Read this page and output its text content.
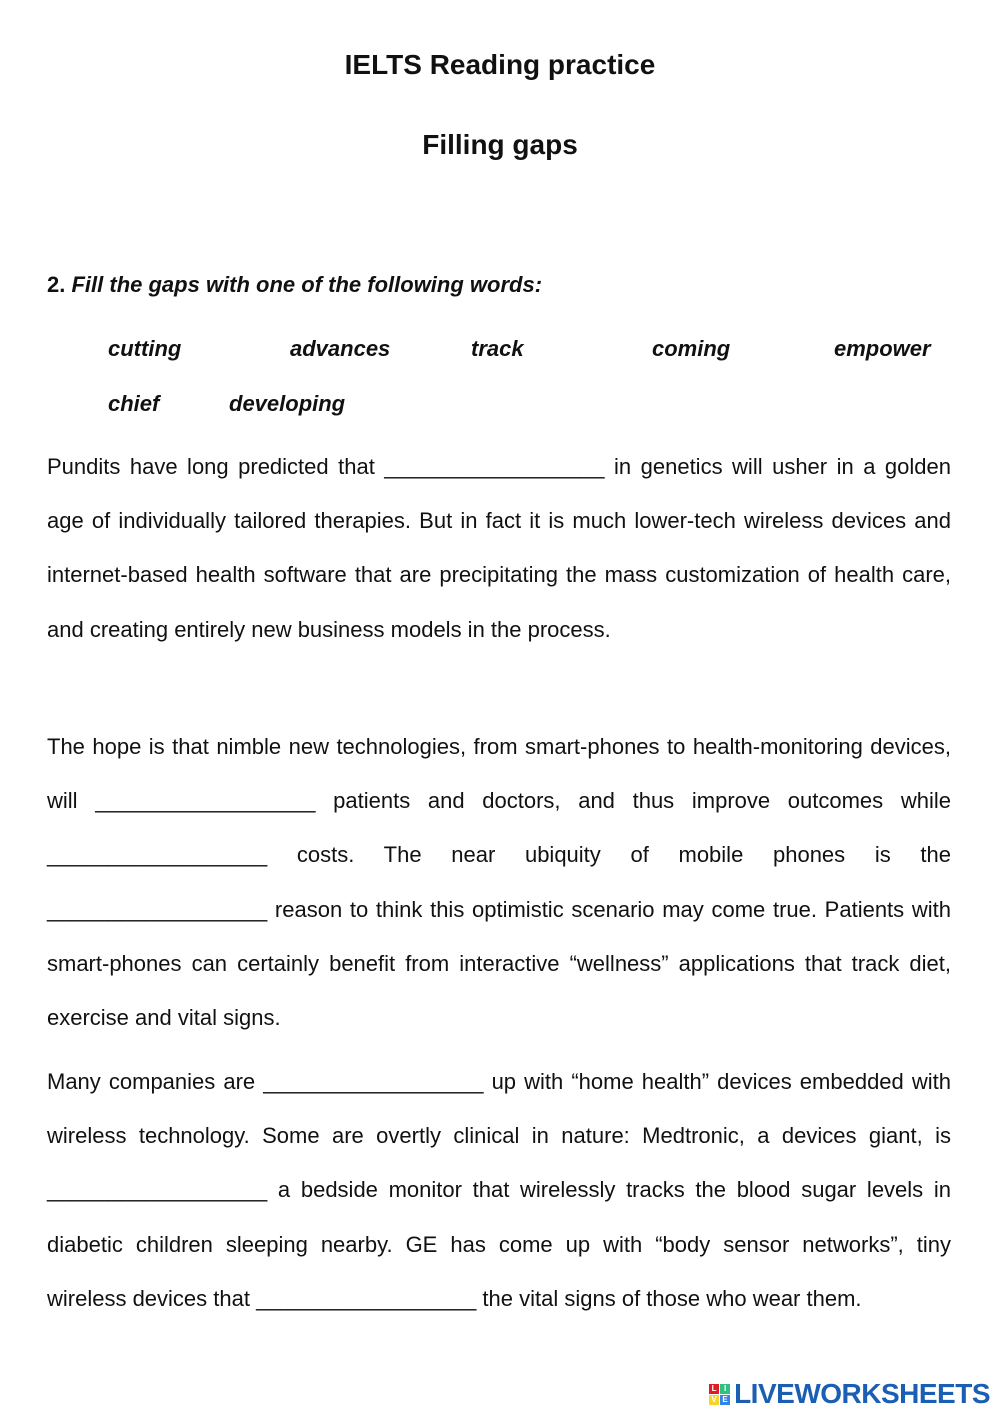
IELTS Reading practice
Filling gaps

2. Fill the gaps with one of the following words:

cutting	advances	track	coming	empower
chief	developing

Pundits have long predicted that __________________ in genetics will usher in a golden age of individually tailored therapies. But in fact it is much lower-tech wireless devices and internet-based health software that are precipitating the mass customization of health care, and creating entirely new business models in the process.

The hope is that nimble new technologies, from smart-phones to health-monitoring devices, will __________________ patients and doctors, and thus improve outcomes while __________________ costs. The near ubiquity of mobile phones is the __________________ reason to think this optimistic scenario may come true. Patients with smart-phones can certainly benefit from interactive “wellness” applications that track diet, exercise and vital signs.

Many companies are __________________ up with “home health” devices embedded with wireless technology. Some are overtly clinical in nature: Medtronic, a devices giant, is __________________ a bedside monitor that wirelessly tracks the blood sugar levels in diabetic children sleeping nearby. GE has come up with “body sensor networks”, tiny wireless devices that __________________ the vital signs of those who wear them.

L I
V E LIVEWORKSHEETS
